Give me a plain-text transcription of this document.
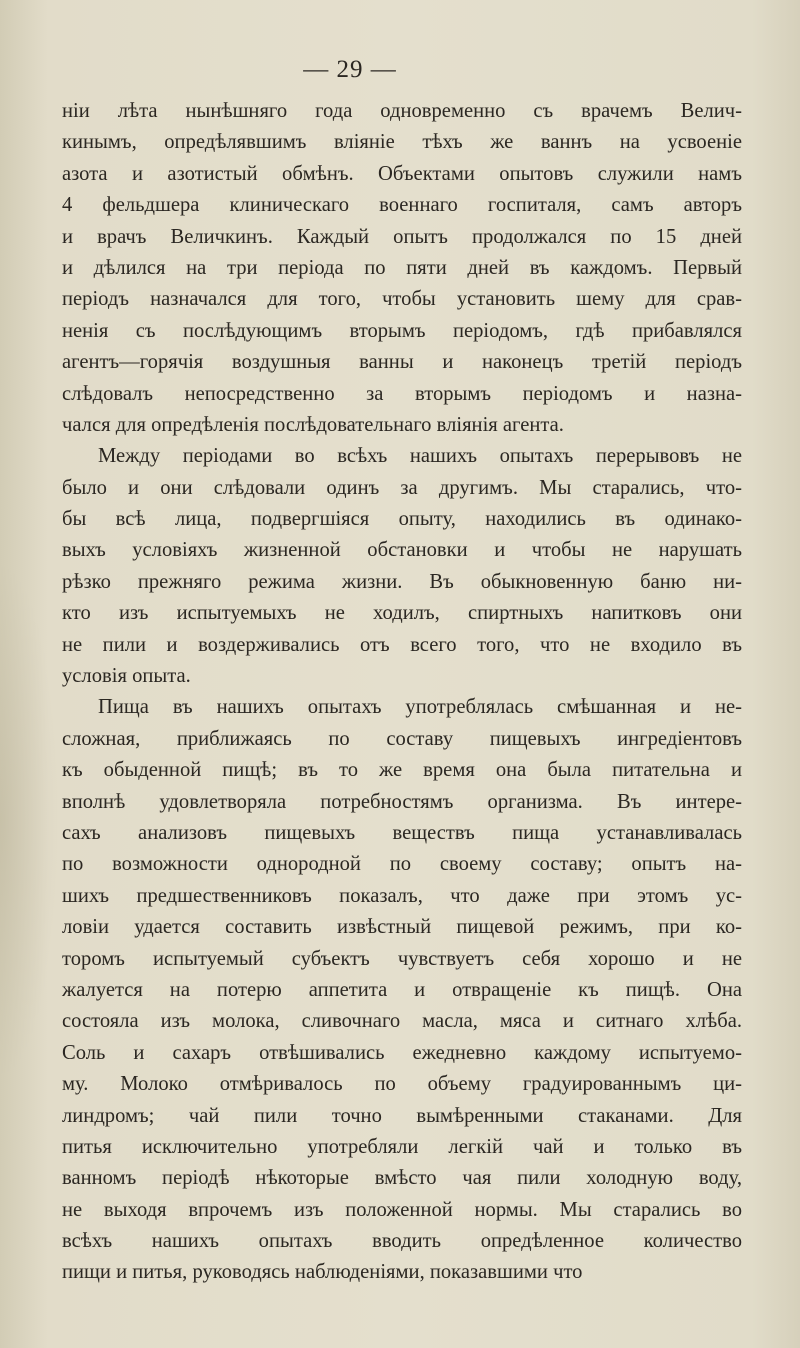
— 29 —
ніи лѣта нынѣшняго года одновременно съ врачемъ Велич-
кинымъ, опредѣлявшимъ вліяніе тѣхъ же ваннъ на усвоеніе
азота и азотистый обмѣнъ. Объектами опытовъ служили намъ
4 фельдшера клиническаго военнаго госпиталя, самъ авторъ
и врачъ Величкинъ. Каждый опытъ продолжался по 15 дней
и дѣлился на три періода по пяти дней въ каждомъ. Первый
періодъ назначался для того, чтобы установить шему для срав-
ненія съ послѣдующимъ вторымъ періодомъ, гдѣ прибавлялся
агентъ—горячія воздушныя ванны и наконецъ третій періодъ
слѣдовалъ непосредственно за вторымъ періодомъ и назна-
чался для опредѣленія послѣдовательнаго вліянія агента.
Между періодами во всѣхъ нашихъ опытахъ перерывовъ не
было и они слѣдовали одинъ за другимъ. Мы старались, что-
бы всѣ лица, подвергшіяся опыту, находились въ одинако-
выхъ условіяхъ жизненной обстановки и чтобы не нарушать
рѣзко прежняго режима жизни. Въ обыкновенную баню ни-
кто изъ испытуемыхъ не ходилъ, спиртныхъ напитковъ они
не пили и воздерживались отъ всего того, что не входило въ
условія опыта.
Пища въ нашихъ опытахъ употреблялась смѣшанная и не-
сложная, приближаясь по составу пищевыхъ ингредіентовъ
къ обыденной пищѣ; въ то же время она была питательна и
вполнѣ удовлетворяла потребностямъ организма. Въ интере-
сахъ анализовъ пищевыхъ веществъ пища устанавливалась
по возможности однородной по своему составу; опытъ на-
шихъ предшественниковъ показалъ, что даже при этомъ ус-
ловіи удается составить извѣстный пищевой режимъ, при ко-
торомъ испытуемый субъектъ чувствуетъ себя хорошо и не
жалуется на потерю аппетита и отвращеніе къ пищѣ. Она
состояла изъ молока, сливочнаго масла, мяса и ситнаго хлѣба.
Соль и сахаръ отвѣшивались ежедневно каждому испытуемо-
му. Молоко отмѣривалось по объему градуированнымъ ци-
линдромъ; чай пили точно вымѣренными стаканами. Для
питья исключительно употребляли легкій чай и только въ
ванномъ періодѣ нѣкоторые вмѣсто чая пили холодную воду,
не выходя впрочемъ изъ положенной нормы. Мы старались во
всѣхъ нашихъ опытахъ вводить опредѣленное количество
пищи и питья, руководясь наблюденіями, показавшими что
